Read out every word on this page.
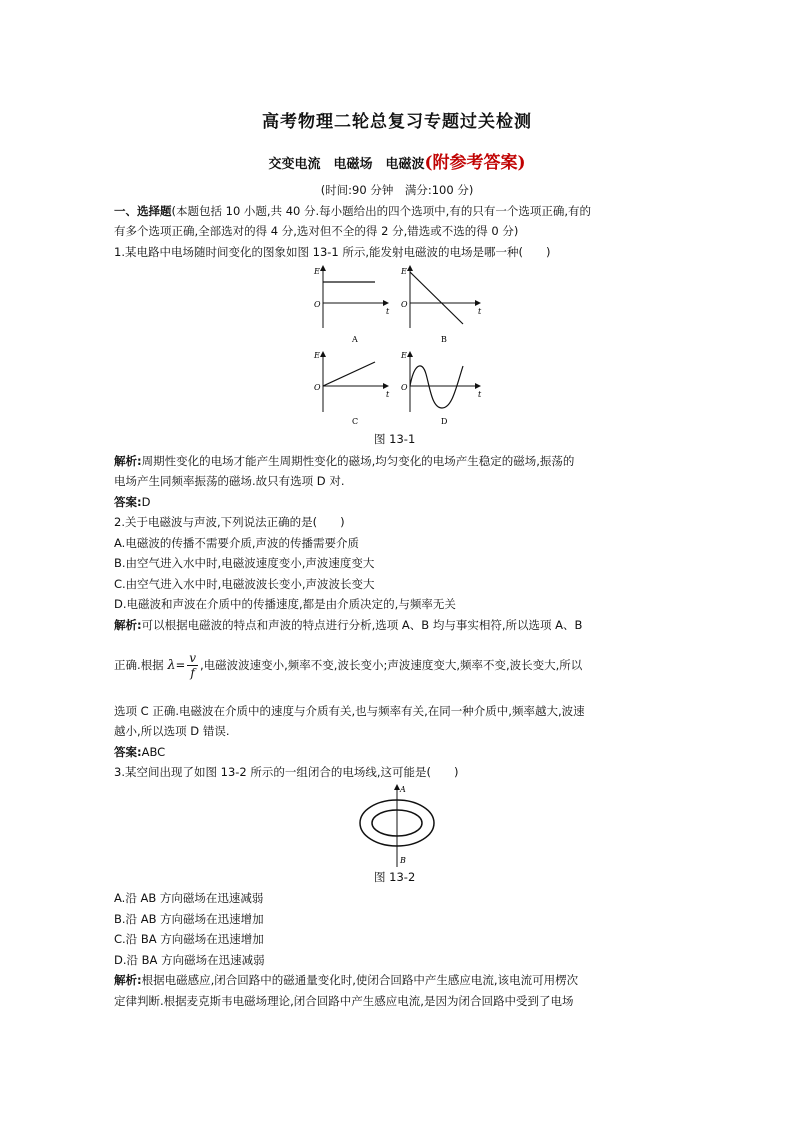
高考物理二轮总复习专题过关检测
交变电流　电磁场　电磁波(附参考答案)
(时间:90 分钟　满分:100 分)
一、选择题(本题包括 10 小题,共 40 分.每小题给出的四个选项中,有的只有一个选项正确,有的
有多个选项正确,全部选对的得 4 分,选对但不全的得 2 分,错选或不选的得 0 分)
1.某电路中电场随时间变化的图象如图 13-1 所示,能发射电磁波的电场是哪一种(　　)
E
O
t
A
E
O
t
B
E
O
t
C
E
O
t
D
图 13-1
解析:周期性变化的电场才能产生周期性变化的磁场,均匀变化的电场产生稳定的磁场,振荡的
电场产生同频率振荡的磁场.故只有选项 D 对.
答案:D
2.关于电磁波与声波,下列说法正确的是(　　)
A.电磁波的传播不需要介质,声波的传播需要介质
B.由空气进入水中时,电磁波速度变小,声波速度变大
C.由空气进入水中时,电磁波波长变小,声波波长变大
D.电磁波和声波在介质中的传播速度,都是由介质决定的,与频率无关
解析:可以根据电磁波的特点和声波的特点进行分析,选项 A、B 均与事实相符,所以选项 A、B
正确.根据 $\lambda= \frac{v}{f}$ ,电磁波波速变小,频率不变,波长变小;声波速度变大,频率不变,波长变大,所以
选项 C 正确.电磁波在介质中的速度与介质有关,也与频率有关,在同一种介质中,频率越大,波速
越小,所以选项 D 错误.
答案:ABC
3.某空间出现了如图 13-2 所示的一组闭合的电场线,这可能是(　　)
A
B
图 13-2
A.沿 AB 方向磁场在迅速减弱
B.沿 AB 方向磁场在迅速增加
C.沿 BA 方向磁场在迅速增加
D.沿 BA 方向磁场在迅速减弱
解析:根据电磁感应,闭合回路中的磁通量变化时,使闭合回路中产生感应电流,该电流可用楞次
定律判断.根据麦克斯韦电磁场理论,闭合回路中产生感应电流,是因为闭合回路中受到了电场
